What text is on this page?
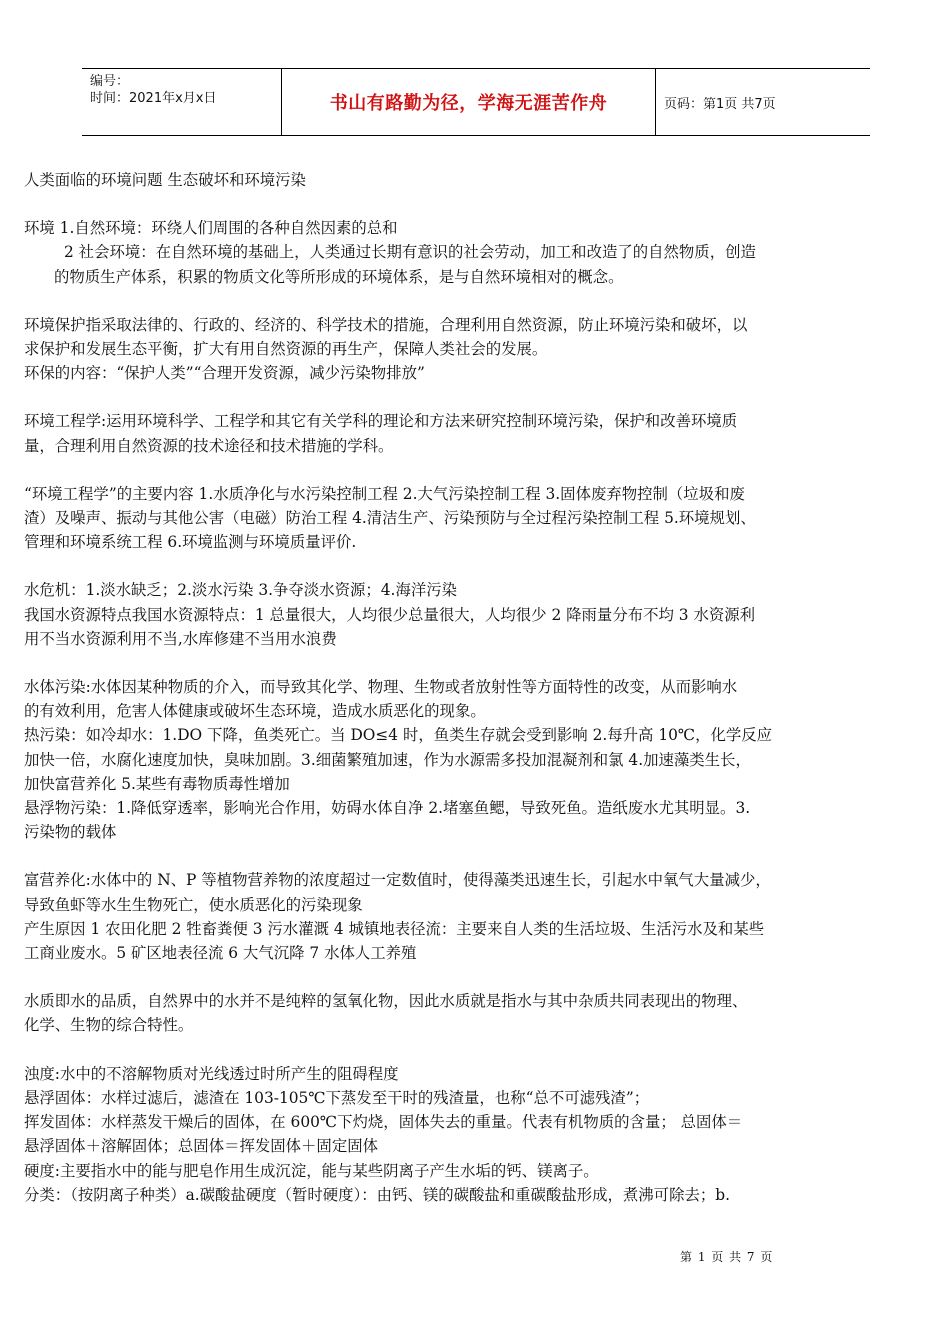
编号：
时间：2021年x月x日	书山有路勤为径，学海无涯苦作舟	页码：第1页 共7页

人类面临的环境问题 生态破坏和环境污染

环境 1.自然环境：环绕人们周围的各种自然因素的总和

2 社会环境：在自然环境的基础上，人类通过长期有意识的社会劳动，加工和改造了的自然物质，创造

的物质生产体系，积累的物质文化等所形成的环境体系，是与自然环境相对的概念。

环境保护指采取法律的、行政的、经济的、科学技术的措施，合理利用自然资源，防止环境污染和破坏，以

求保护和发展生态平衡，扩大有用自然资源的再生产，保障人类社会的发展。

环保的内容：“保护人类”“合理开发资源，减少污染物排放”

环境工程学:运用环境科学、工程学和其它有关学科的理论和方法来研究控制环境污染，保护和改善环境质

量，合理利用自然资源的技术途径和技术措施的学科。

“环境工程学”的主要内容 1.水质净化与水污染控制工程 2.大气污染控制工程 3.固体废弃物控制（垃圾和废

渣）及噪声、振动与其他公害（电磁）防治工程 4.清洁生产、污染预防与全过程污染控制工程 5.环境规划、

管理和环境系统工程 6.环境监测与环境质量评价.

水危机：1.淡水缺乏；2.淡水污染 3.争夺淡水资源；4.海洋污染

我国水资源特点我国水资源特点：1 总量很大，人均很少总量很大，人均很少 2 降雨量分布不均 3 水资源利

用不当水资源利用不当,水库修建不当用水浪费

水体污染:水体因某种物质的介入，而导致其化学、物理、生物或者放射性等方面特性的改变，从而影响水

的有效利用，危害人体健康或破坏生态环境，造成水质恶化的现象。

热污染：如冷却水：1.DO 下降，鱼类死亡。当 DO≤4 时，鱼类生存就会受到影响 2.每升高 10℃，化学反应

加快一倍，水腐化速度加快，臭味加剧。3.细菌繁殖加速，作为水源需多投加混凝剂和氯 4.加速藻类生长，

加快富营养化 5.某些有毒物质毒性增加

悬浮物污染：1.降低穿透率，影响光合作用，妨碍水体自净 2.堵塞鱼鳃，导致死鱼。造纸废水尤其明显。3.

污染物的载体

富营养化:水体中的 N、P 等植物营养物的浓度超过一定数值时，使得藻类迅速生长，引起水中氧气大量减少，

导致鱼虾等水生生物死亡，使水质恶化的污染现象

产生原因 1 农田化肥 2 牲畜粪便 3 污水灌溉 4 城镇地表径流：主要来自人类的生活垃圾、生活污水及和某些

工商业废水。5 矿区地表径流 6 大气沉降 7 水体人工养殖

水质即水的品质，自然界中的水并不是纯粹的氢氧化物，因此水质就是指水与其中杂质共同表现出的物理、

化学、生物的综合特性。

浊度:水中的不溶解物质对光线透过时所产生的阻碍程度

悬浮固体：水样过滤后，滤渣在 103-105℃下蒸发至干时的残渣量，也称“总不可滤残渣”；

挥发固体：水样蒸发干燥后的固体，在 600℃下灼烧，固体失去的重量。代表有机物质的含量； 总固体＝

悬浮固体＋溶解固体；总固体＝挥发固体＋固定固体

硬度:主要指水中的能与肥皂作用生成沉淀，能与某些阴离子产生水垢的钙、镁离子。

分类：（按阴离子种类）a.碳酸盐硬度（暂时硬度）：由钙、镁的碳酸盐和重碳酸盐形成，煮沸可除去；b.

第 1 页 共 7 页
